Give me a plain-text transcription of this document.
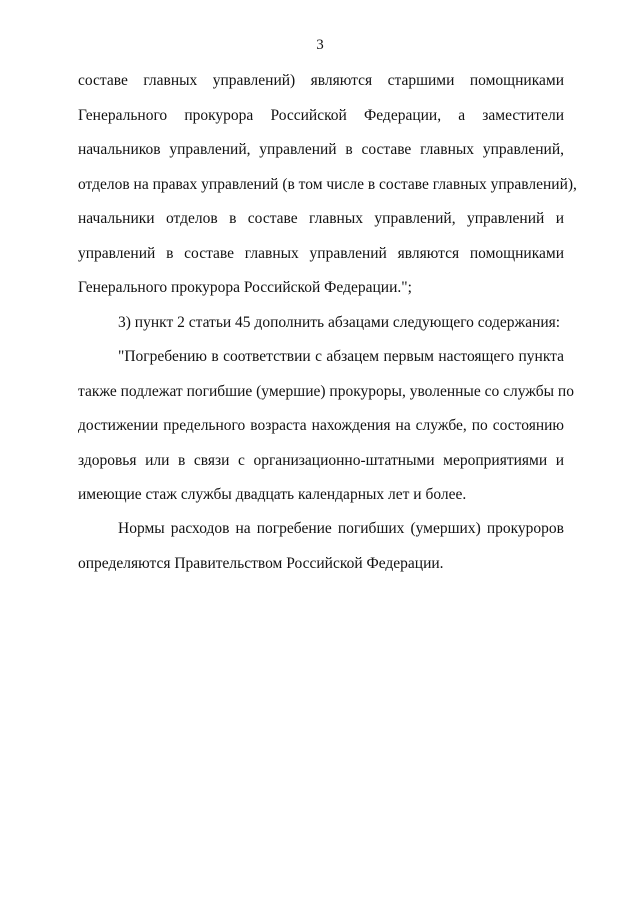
3
составе главных управлений) являются старшими помощниками
Генерального прокурора Российской Федерации, а заместители
начальников управлений, управлений в составе главных управлений,
отделов на правах управлений (в том числе в составе главных управлений),
начальники отделов в составе главных управлений, управлений и
управлений в составе главных управлений являются помощниками
Генерального прокурора Российской Федерации.";
3) пункт 2 статьи 45 дополнить абзацами следующего содержания:
"Погребению в соответствии с абзацем первым настоящего пункта
также подлежат погибшие (умершие) прокуроры, уволенные со службы по
достижении предельного возраста нахождения на службе, по состоянию
здоровья или в связи с организационно-штатными мероприятиями и
имеющие стаж службы двадцать календарных лет и более.
Нормы расходов на погребение погибших (умерших) прокуроров
определяются Правительством Российской Федерации.
